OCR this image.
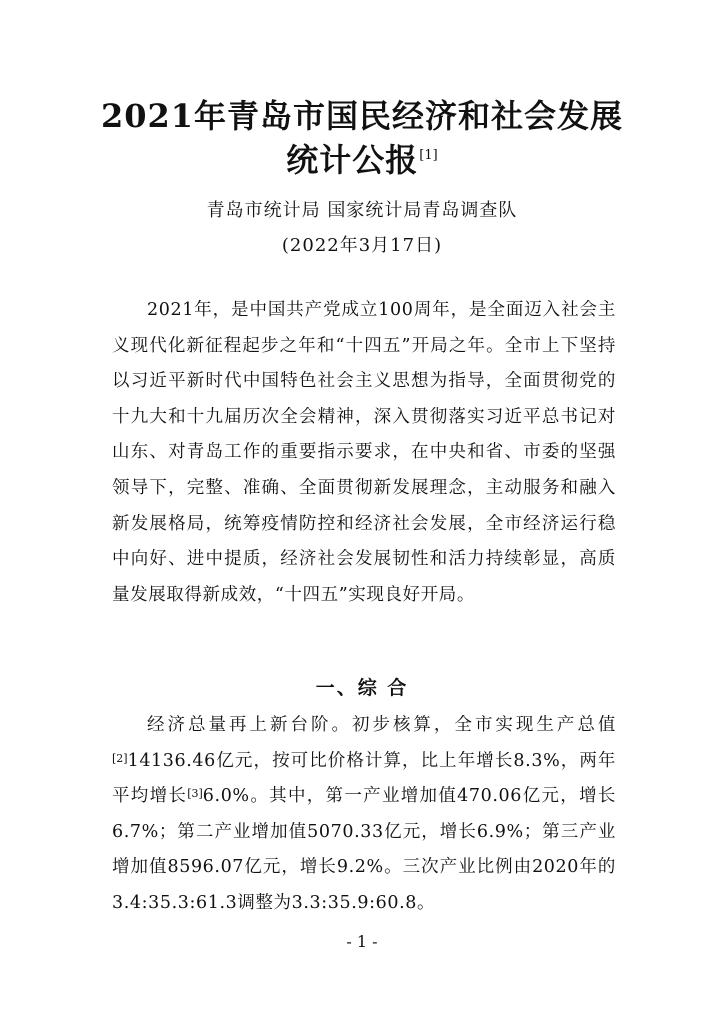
2021年青岛市国民经济和社会发展
统计公报[1]
青岛市统计局 国家统计局青岛调查队
(2022年3月17日)

2021年，是中国共产党成立100周年，是全面迈入社会主义现代化新征程起步之年和“十四五”开局之年。全市上下坚持以习近平新时代中国特色社会主义思想为指导，全面贯彻党的十九大和十九届历次全会精神，深入贯彻落实习近平总书记对山东、对青岛工作的重要指示要求，在中央和省、市委的坚强领导下，完整、准确、全面贯彻新发展理念，主动服务和融入新发展格局，统筹疫情防控和经济社会发展，全市经济运行稳中向好、进中提质，经济社会发展韧性和活力持续彰显，高质量发展取得新成效，“十四五”实现良好开局。

一、综 合

经济总量再上新台阶。初步核算，全市实现生产总值[2]14136.46亿元，按可比价格计算，比上年增长8.3%，两年平均增长[3]6.0%。其中，第一产业增加值470.06亿元，增长6.7%；第二产业增加值5070.33亿元，增长6.9%；第三产业增加值8596.07亿元，增长9.2%。三次产业比例由2020年的3.4:35.3:61.3调整为3.3:35.9:60.8。

- 1 -
